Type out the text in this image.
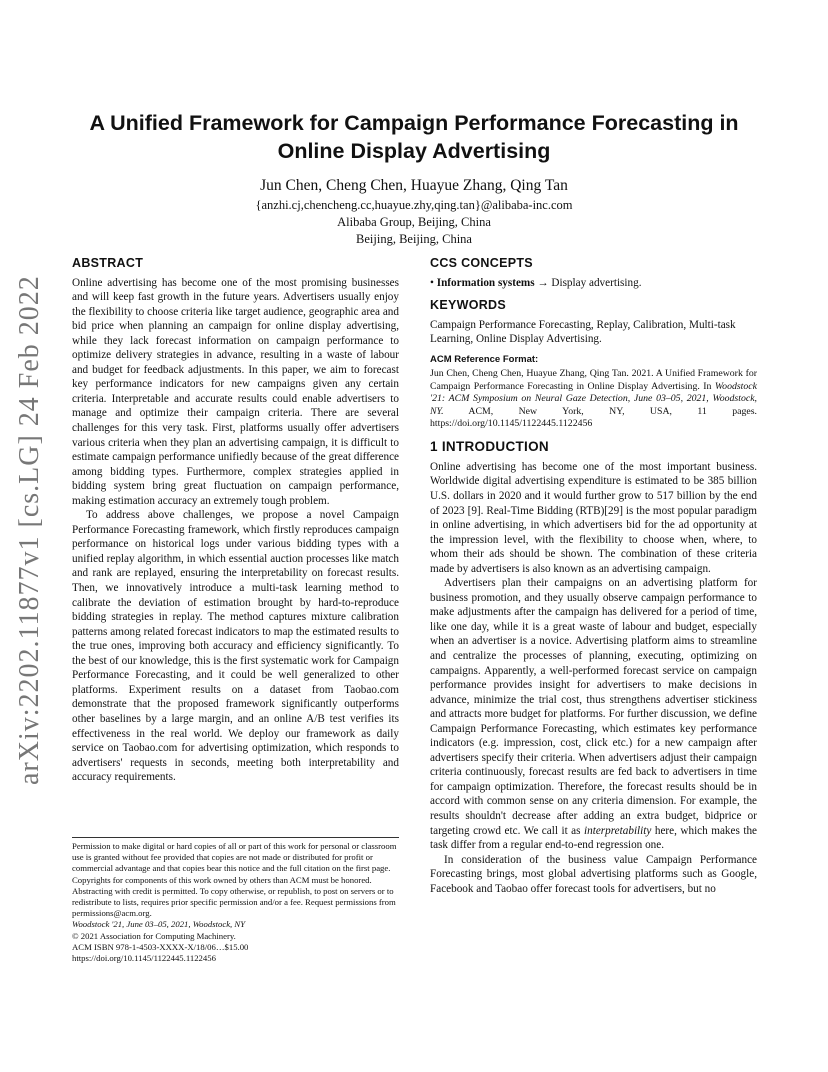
arXiv:2202.11877v1 [cs.LG] 24 Feb 2022
A Unified Framework for Campaign Performance Forecasting in
Online Display Advertising
Jun Chen, Cheng Chen, Huayue Zhang, Qing Tan
{anzhi.cj,chencheng.cc,huayue.zhy,qing.tan}@alibaba-inc.com
Alibaba Group, Beijing, China
Beijing, Beijing, China
ABSTRACT

Online advertising has become one of the most promising businesses and will keep fast growth in the future years. Advertisers usually enjoy the flexibility to choose criteria like target audience, geographic area and bid price when planning an campaign for online display advertising, while they lack forecast information on campaign performance to optimize delivery strategies in advance, resulting in a waste of labour and budget for feedback adjustments. In this paper, we aim to forecast key performance indicators for new campaigns given any certain criteria. Interpretable and accurate results could enable advertisers to manage and optimize their campaign criteria. There are several challenges for this very task. First, platforms usually offer advertisers various criteria when they plan an advertising campaign, it is difficult to estimate campaign performance unifiedly because of the great difference among bidding types. Furthermore, complex strategies applied in bidding system bring great fluctuation on campaign performance, making estimation accuracy an extremely tough problem.

To address above challenges, we propose a novel Campaign Performance Forecasting framework, which firstly reproduces campaign performance on historical logs under various bidding types with a unified replay algorithm, in which essential auction processes like match and rank are replayed, ensuring the interpretability on forecast results. Then, we innovatively introduce a multi-task learning method to calibrate the deviation of estimation brought by hard-to-reproduce bidding strategies in replay. The method captures mixture calibration patterns among related forecast indicators to map the estimated results to the true ones, improving both accuracy and efficiency significantly. To the best of our knowledge, this is the first systematic work for Campaign Performance Forecasting, and it could be well generalized to other platforms. Experiment results on a dataset from Taobao.com demonstrate that the proposed framework significantly outperforms other baselines by a large margin, and an online A/B test verifies its effectiveness in the real world. We deploy our framework as daily service on Taobao.com for advertising optimization, which responds to advertisers' requests in seconds, meeting both interpretability and accuracy requirements.

Permission to make digital or hard copies of all or part of this work for personal or classroom use is granted without fee provided that copies are not made or distributed for profit or commercial advantage and that copies bear this notice and the full citation on the first page. Copyrights for components of this work owned by others than ACM must be honored. Abstracting with credit is permitted. To copy otherwise, or republish, to post on servers or to redistribute to lists, requires prior specific permission and/or a fee. Request permissions from permissions@acm.org.
Woodstock '21, June 03–05, 2021, Woodstock, NY
© 2021 Association for Computing Machinery.
ACM ISBN 978-1-4503-XXXX-X/18/06…$15.00
https://doi.org/10.1145/1122445.1122456
CCS CONCEPTS

• Information systems → Display advertising.

KEYWORDS

Campaign Performance Forecasting, Replay, Calibration, Multi-task Learning, Online Display Advertising.

ACM Reference Format:

Jun Chen, Cheng Chen, Huayue Zhang, Qing Tan. 2021. A Unified Framework for Campaign Performance Forecasting in Online Display Advertising. In Woodstock '21: ACM Symposium on Neural Gaze Detection, June 03–05, 2021, Woodstock, NY. ACM, New York, NY, USA, 11 pages. https://doi.org/10.1145/1122445.1122456

1 INTRODUCTION

Online advertising has become one of the most important business. Worldwide digital advertising expenditure is estimated to be 385 billion U.S. dollars in 2020 and it would further grow to 517 billion by the end of 2023 [9]. Real-Time Bidding (RTB)[29] is the most popular paradigm in online advertising, in which advertisers bid for the ad opportunity at the impression level, with the flexibility to choose when, where, to whom their ads should be shown. The combination of these criteria made by advertisers is also known as an advertising campaign.

Advertisers plan their campaigns on an advertising platform for business promotion, and they usually observe campaign performance to make adjustments after the campaign has delivered for a period of time, like one day, while it is a great waste of labour and budget, especially when an advertiser is a novice. Advertising platform aims to streamline and centralize the processes of planning, executing, optimizing on campaigns. Apparently, a well-performed forecast service on campaign performance provides insight for advertisers to make decisions in advance, minimize the trial cost, thus strengthens advertiser stickiness and attracts more budget for platforms. For further discussion, we define Campaign Performance Forecasting, which estimates key performance indicators (e.g. impression, cost, click etc.) for a new campaign after advertisers specify their criteria. When advertisers adjust their campaign criteria continuously, forecast results are fed back to advertisers in time for campaign optimization. Therefore, the forecast results should be in accord with common sense on any criteria dimension. For example, the results shouldn't decrease after adding an extra budget, bidprice or targeting crowd etc. We call it as interpretability here, which makes the task differ from a regular end-to-end regression one.

In consideration of the business value Campaign Performance Forecasting brings, most global advertising platforms such as Google, Facebook and Taobao offer forecast tools for advertisers, but no
